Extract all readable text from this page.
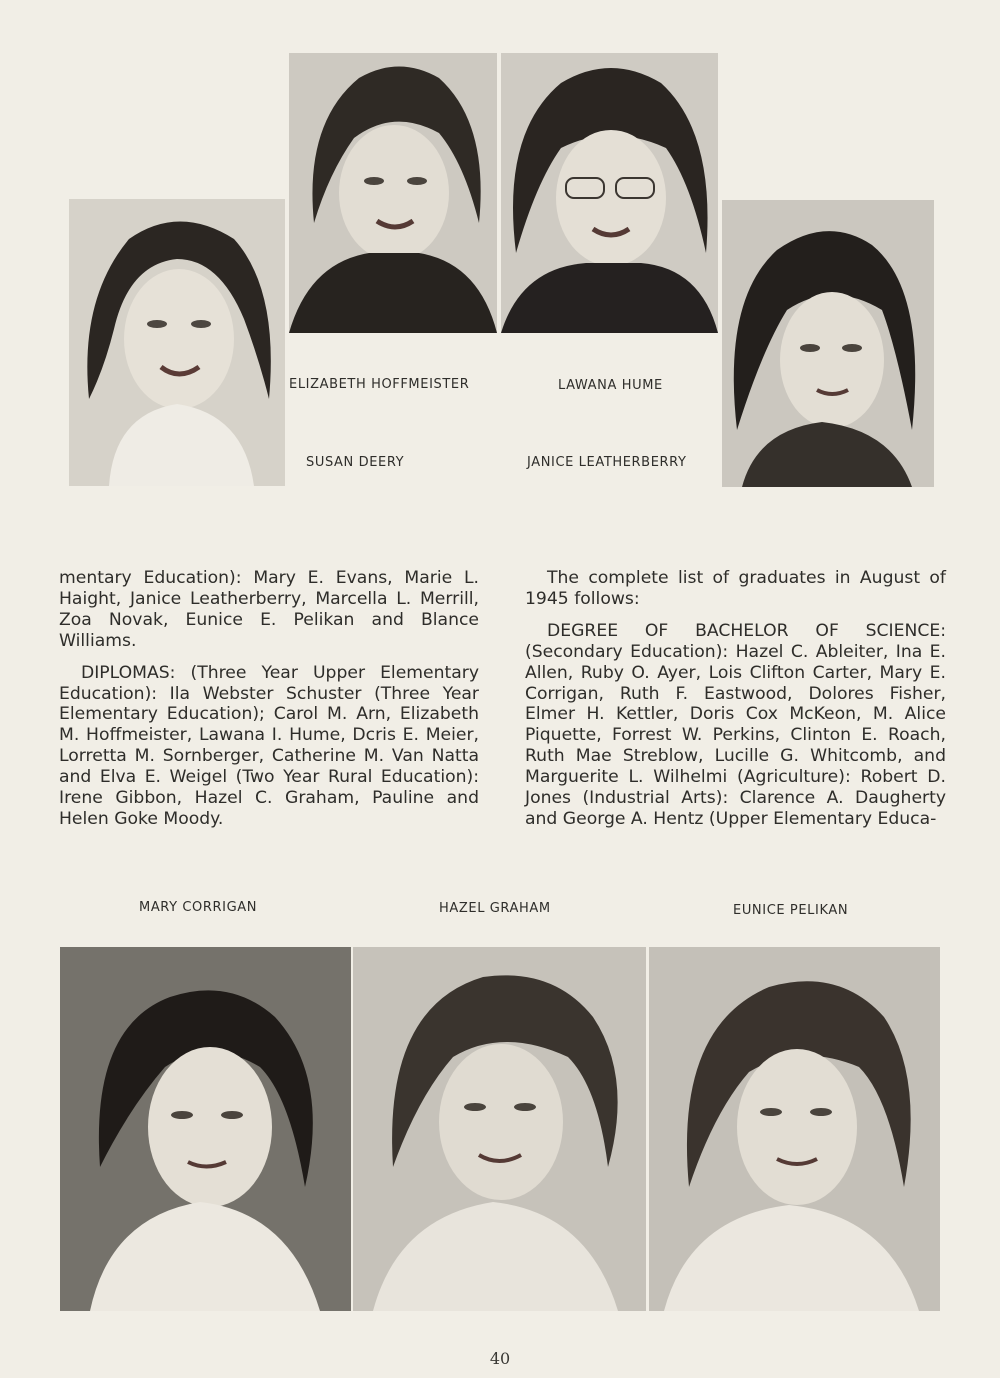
ELIZABETH HOFFMEISTER	LAWANA HUME
SUSAN DEERY	JANICE LEATHERBERRY

mentary Education): Mary E. Evans, Marie L. Haight, Janice Leatherberry, Marcella L. Merrill, Zoa Novak, Eunice E. Pelikan and Blance Williams.

DIPLOMAS: (Three Year Upper Elementary Education): Ila Webster Schuster (Three Year Elementary Education); Carol M. Arn, Elizabeth M. Hoffmeister, Lawana I. Hume, Dcris E. Meier, Lorretta M. Sornberger, Catherine M. Van Natta and Elva E. Weigel (Two Year Rural Education): Irene Gibbon, Hazel C. Graham, Pauline and Helen Goke Moody.

The complete list of graduates in August of 1945 follows:

DEGREE OF BACHELOR OF SCIENCE: (Secondary Education): Hazel C. Ableiter, Ina E. Allen, Ruby O. Ayer, Lois Clifton Carter, Mary E. Corrigan, Ruth F. Eastwood, Dolores Fisher, Elmer H. Kettler, Doris Cox McKeon, M. Alice Piquette, Forrest W. Perkins, Clinton E. Roach, Ruth Mae Streblow, Lucille G. Whitcomb, and Marguerite L. Wilhelmi (Agriculture): Robert D. Jones (Industrial Arts): Clarence A. Daugherty and George A. Hentz (Upper Elementary Educa-

MARY CORRIGAN	HAZEL GRAHAM	EUNICE PELIKAN
40
